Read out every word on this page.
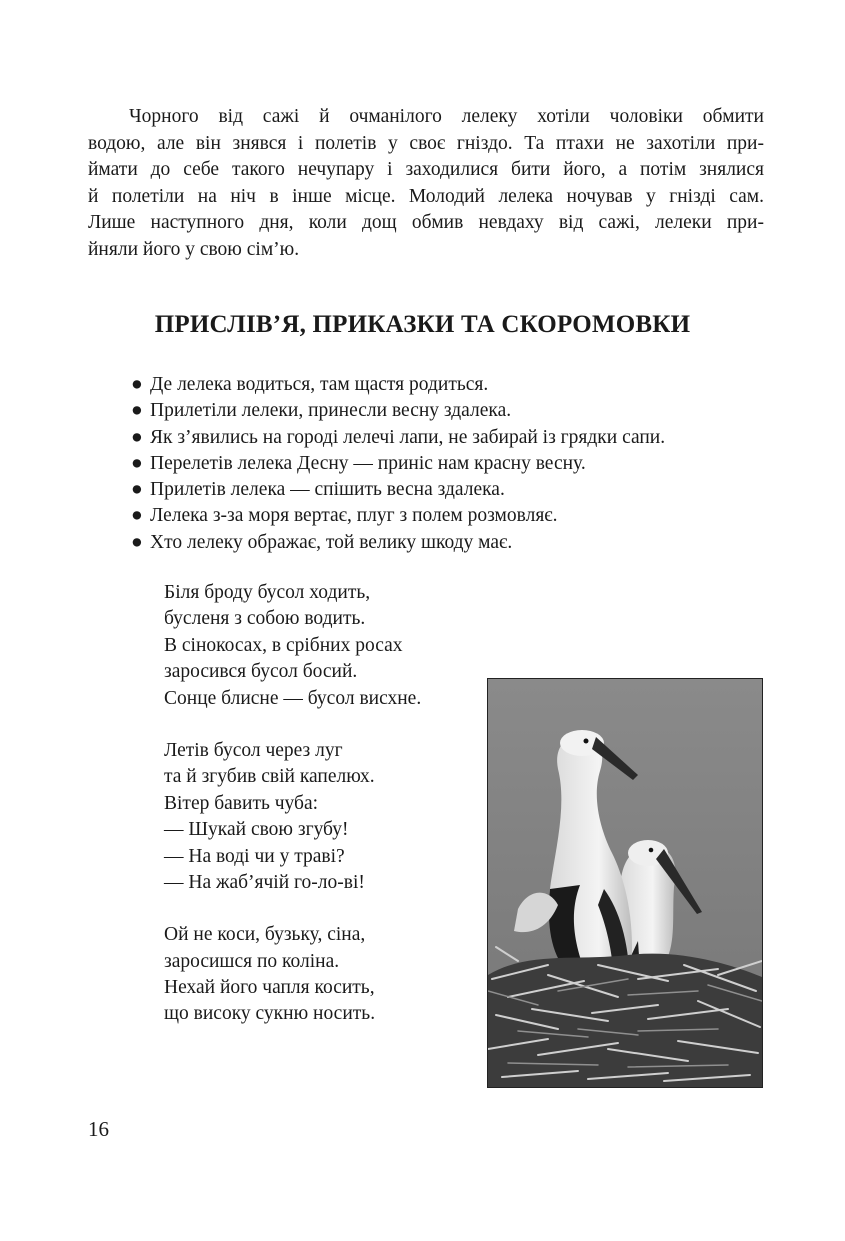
Чорного від сажі й очманілого лелеку хотіли чоловіки обмити
водою, але він знявся і полетів у своє гніздо. Та птахи не захотіли при-
ймати до себе такого нечупару і заходилися бити його, а потім знялися
й полетіли на ніч в інше місце. Молодий лелека ночував у гнізді сам.
Лише наступного дня, коли дощ обмив невдаху від сажі, лелеки при-
йняли його у свою сім’ю.
ПРИСЛІВ’Я, ПРИКАЗКИ ТА СКОРОМОВКИ
● Де лелека водиться, там щастя родиться.
● Прилетіли лелеки, принесли весну здалека.
● Як з’явились на городі лелечі лапи, не забирай із грядки сапи.
● Перелетів лелека Десну — приніс нам красну весну.
● Прилетів лелека — спішить весна здалека.
● Лелека з-за моря вертає, плуг з полем розмовляє.
● Хто лелеку ображає, той велику шкоду має.
Біля броду бусол ходить,
бусленя з собою водить.
В сінокосах, в срібних росах
заросився бусол босий.
Сонце блисне — бусол висхне.
Летів бусол через луг
та й згубив свій капелюх.
Вітер бавить чуба:
— Шукай свою згубу!
— На воді чи у траві?
— На жаб’ячій го-ло-ві!
Ой не коси, бузьку, сіна,
заросишся по коліна.
Нехай його чапля косить,
що високу сукню носить.
16
